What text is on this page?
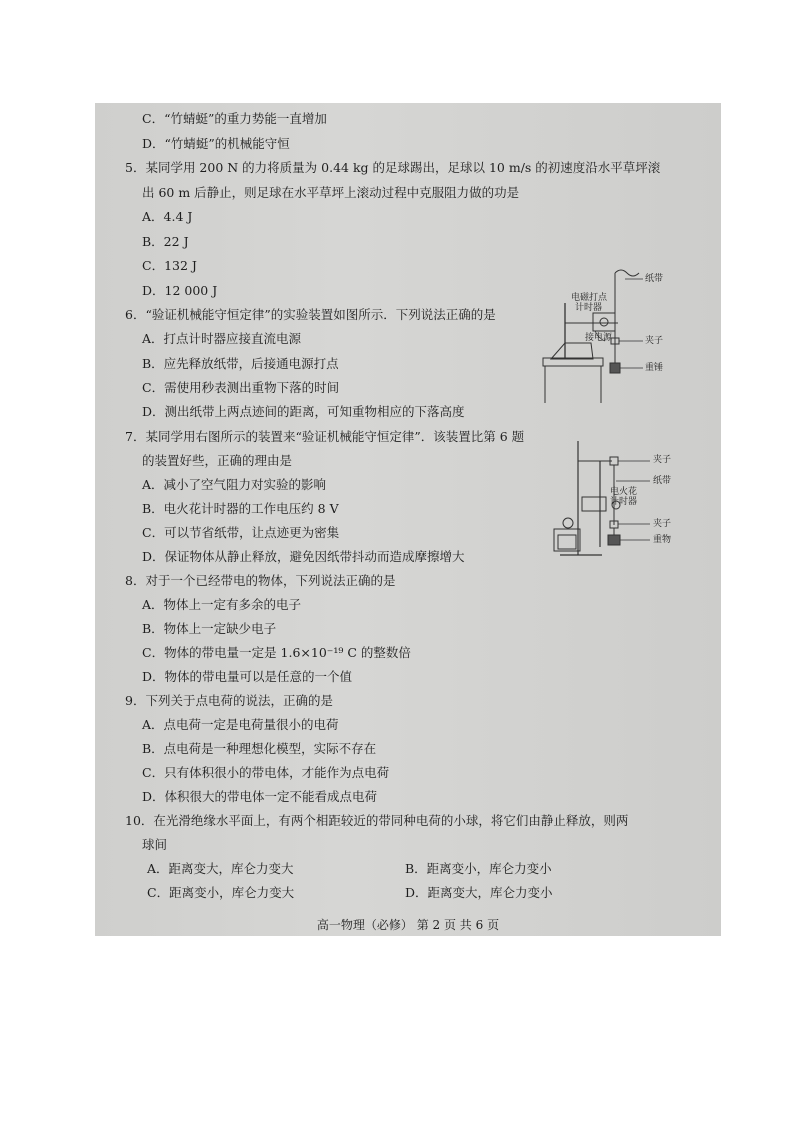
C．“竹蜻蜓”的重力势能一直增加
D．“竹蜻蜓”的机械能守恒
5．某同学用 200 N 的力将质量为 0.44 kg 的足球踢出，足球以 10 m/s 的初速度沿水平草坪滚
出 60 m 后静止，则足球在水平草坪上滚动过程中克服阻力做的功是
A．4.4 J
B．22 J
C．132 J
D．12 000 J
6．“验证机械能守恒定律”的实验装置如图所示．下列说法正确的是
A．打点计时器应接直流电源
B．应先释放纸带，后接通电源打点
C．需使用秒表测出重物下落的时间
D．测出纸带上两点迹间的距离，可知重物相应的下落高度
电磁打点
计时器
纸带
夹子
接电源
重锤
7．某同学用右图所示的装置来“验证机械能守恒定律”．该装置比第 6 题
的装置好些，正确的理由是
A．减小了空气阻力对实验的影响
B．电火花计时器的工作电压约 8 V
C．可以节省纸带，让点迹更为密集
D．保证物体从静止释放，避免因纸带抖动而造成摩擦增大
夹子
电火花
计时器
纸带
夹子
重物
8．对于一个已经带电的物体，下列说法正确的是
A．物体上一定有多余的电子
B．物体上一定缺少电子
C．物体的带电量一定是 1.6×10⁻¹⁹ C 的整数倍
D．物体的带电量可以是任意的一个值
9．下列关于点电荷的说法，正确的是
A．点电荷一定是电荷量很小的电荷
B．点电荷是一种理想化模型，实际不存在
C．只有体积很小的带电体，才能作为点电荷
D．体积很大的带电体一定不能看成点电荷
10．在光滑绝缘水平面上，有两个相距较近的带同种电荷的小球，将它们由静止释放，则两
球间
A．距离变大，库仑力变大	B．距离变小，库仑力变小
C．距离变小，库仑力变大	D．距离变大，库仑力变小
高一物理（必修） 第 2 页 共 6 页
